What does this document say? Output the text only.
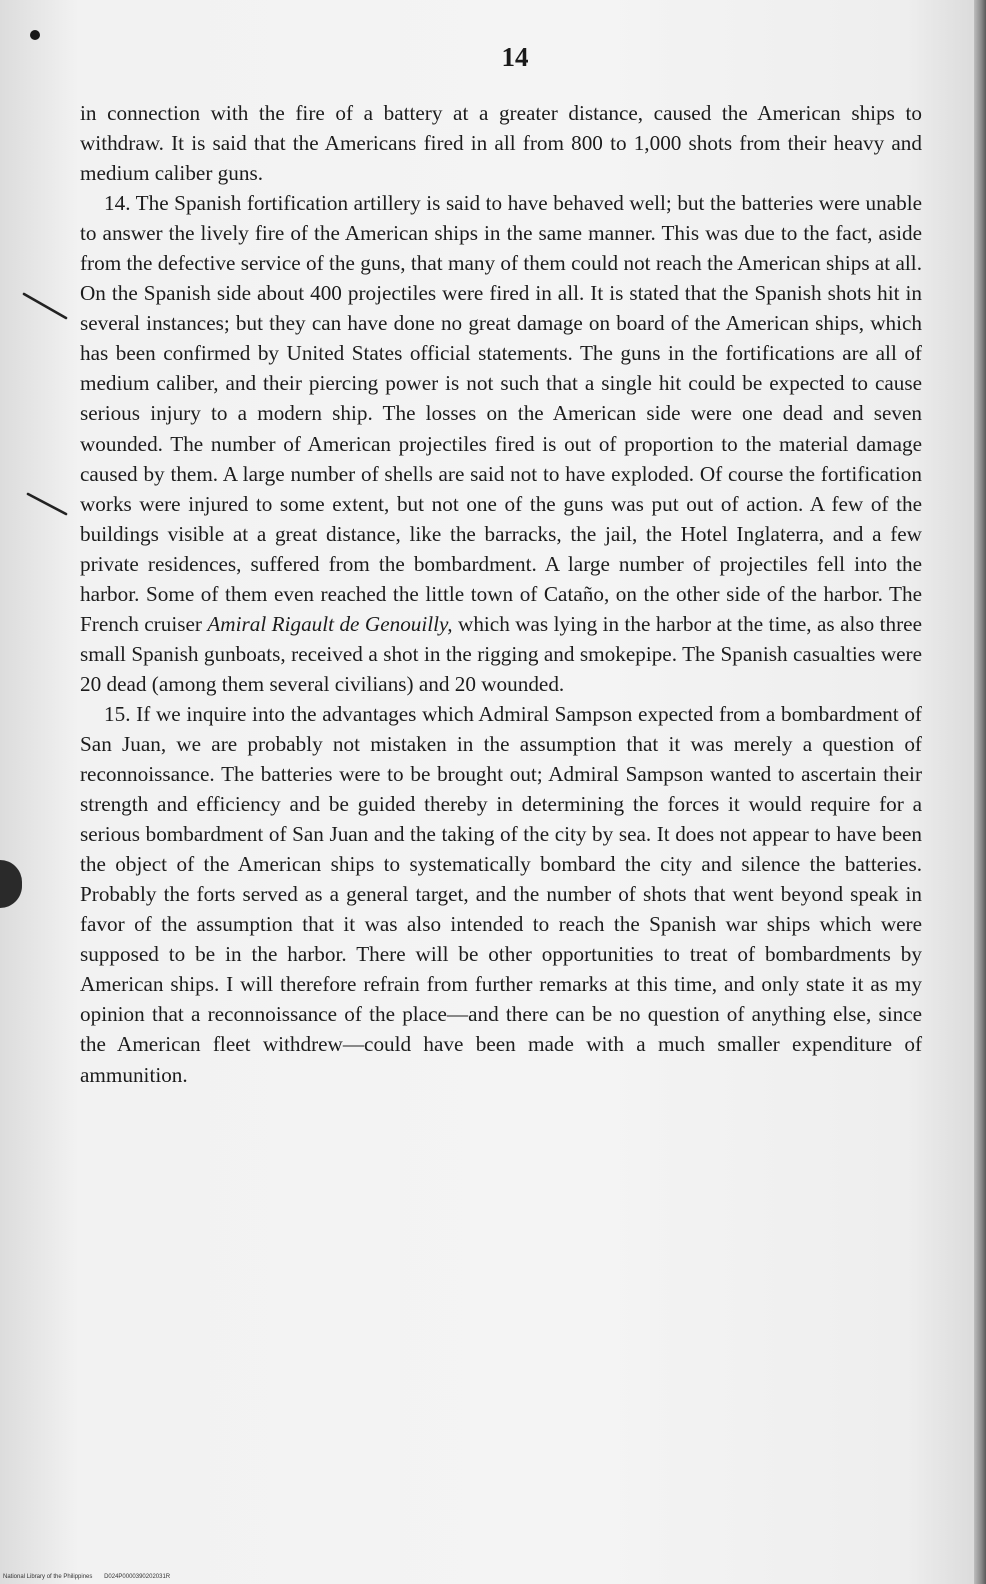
14

in connection with the fire of a battery at a greater distance, caused the American ships to withdraw. It is said that the Americans fired in all from 800 to 1,000 shots from their heavy and medium caliber guns.

14. The Spanish fortification artillery is said to have behaved well; but the batteries were unable to answer the lively fire of the American ships in the same manner. This was due to the fact, aside from the defective service of the guns, that many of them could not reach the American ships at all. On the Spanish side about 400 projectiles were fired in all. It is stated that the Spanish shots hit in several instances; but they can have done no great damage on board of the American ships, which has been confirmed by United States official statements. The guns in the fortifications are all of medium caliber, and their piercing power is not such that a single hit could be expected to cause serious injury to a modern ship. The losses on the American side were one dead and seven wounded. The number of American projectiles fired is out of proportion to the material damage caused by them. A large number of shells are said not to have exploded. Of course the fortification works were injured to some extent, but not one of the guns was put out of action. A few of the buildings visible at a great distance, like the barracks, the jail, the Hotel Inglaterra, and a few private residences, suffered from the bombardment. A large number of projectiles fell into the harbor. Some of them even reached the little town of Cataño, on the other side of the harbor. The French cruiser Amiral Rigault de Genouilly, which was lying in the harbor at the time, as also three small Spanish gunboats, received a shot in the rigging and smokepipe. The Spanish casualties were 20 dead (among them several civilians) and 20 wounded.

15. If we inquire into the advantages which Admiral Sampson expected from a bombardment of San Juan, we are probably not mistaken in the assumption that it was merely a question of reconnoissance. The batteries were to be brought out; Admiral Sampson wanted to ascertain their strength and efficiency and be guided thereby in determining the forces it would require for a serious bombardment of San Juan and the taking of the city by sea. It does not appear to have been the object of the American ships to systematically bombard the city and silence the batteries. Probably the forts served as a general target, and the number of shots that went beyond speak in favor of the assumption that it was also intended to reach the Spanish war ships which were supposed to be in the harbor. There will be other opportunities to treat of bombardments by American ships. I will therefore refrain from further remarks at this time, and only state it as my opinion that a reconnoissance of the place—and there can be no question of anything else, since the American fleet withdrew—could have been made with a much smaller expenditure of ammunition.

National Library of the Philippines D024P0000390202031R
